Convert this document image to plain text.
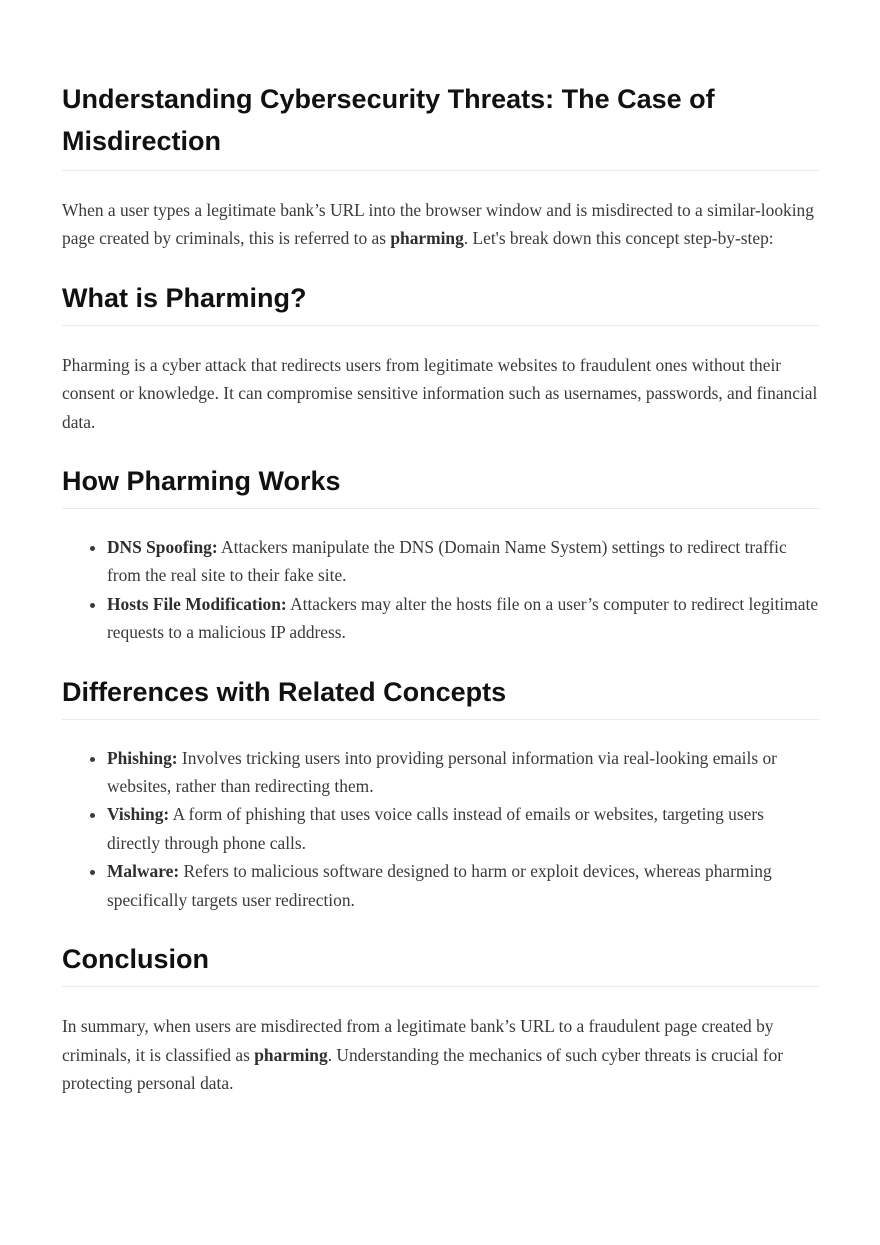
Understanding Cybersecurity Threats: The Case of Misdirection

When a user types a legitimate bank’s URL into the browser window and is misdirected to a similar-looking page created by criminals, this is referred to as pharming. Let's break down this concept step-by-step:

What is Pharming?

Pharming is a cyber attack that redirects users from legitimate websites to fraudulent ones without their consent or knowledge. It can compromise sensitive information such as usernames, passwords, and financial data.

How Pharming Works
• DNS Spoofing: Attackers manipulate the DNS (Domain Name System) settings to redirect traffic from the real site to their fake site.
• Hosts File Modification: Attackers may alter the hosts file on a user’s computer to redirect legitimate requests to a malicious IP address.
Differences with Related Concepts
• Phishing: Involves tricking users into providing personal information via real-looking emails or websites, rather than redirecting them.
• Vishing: A form of phishing that uses voice calls instead of emails or websites, targeting users directly through phone calls.
• Malware: Refers to malicious software designed to harm or exploit devices, whereas pharming specifically targets user redirection.
Conclusion

In summary, when users are misdirected from a legitimate bank’s URL to a fraudulent page created by criminals, it is classified as pharming. Understanding the mechanics of such cyber threats is crucial for protecting personal data.
